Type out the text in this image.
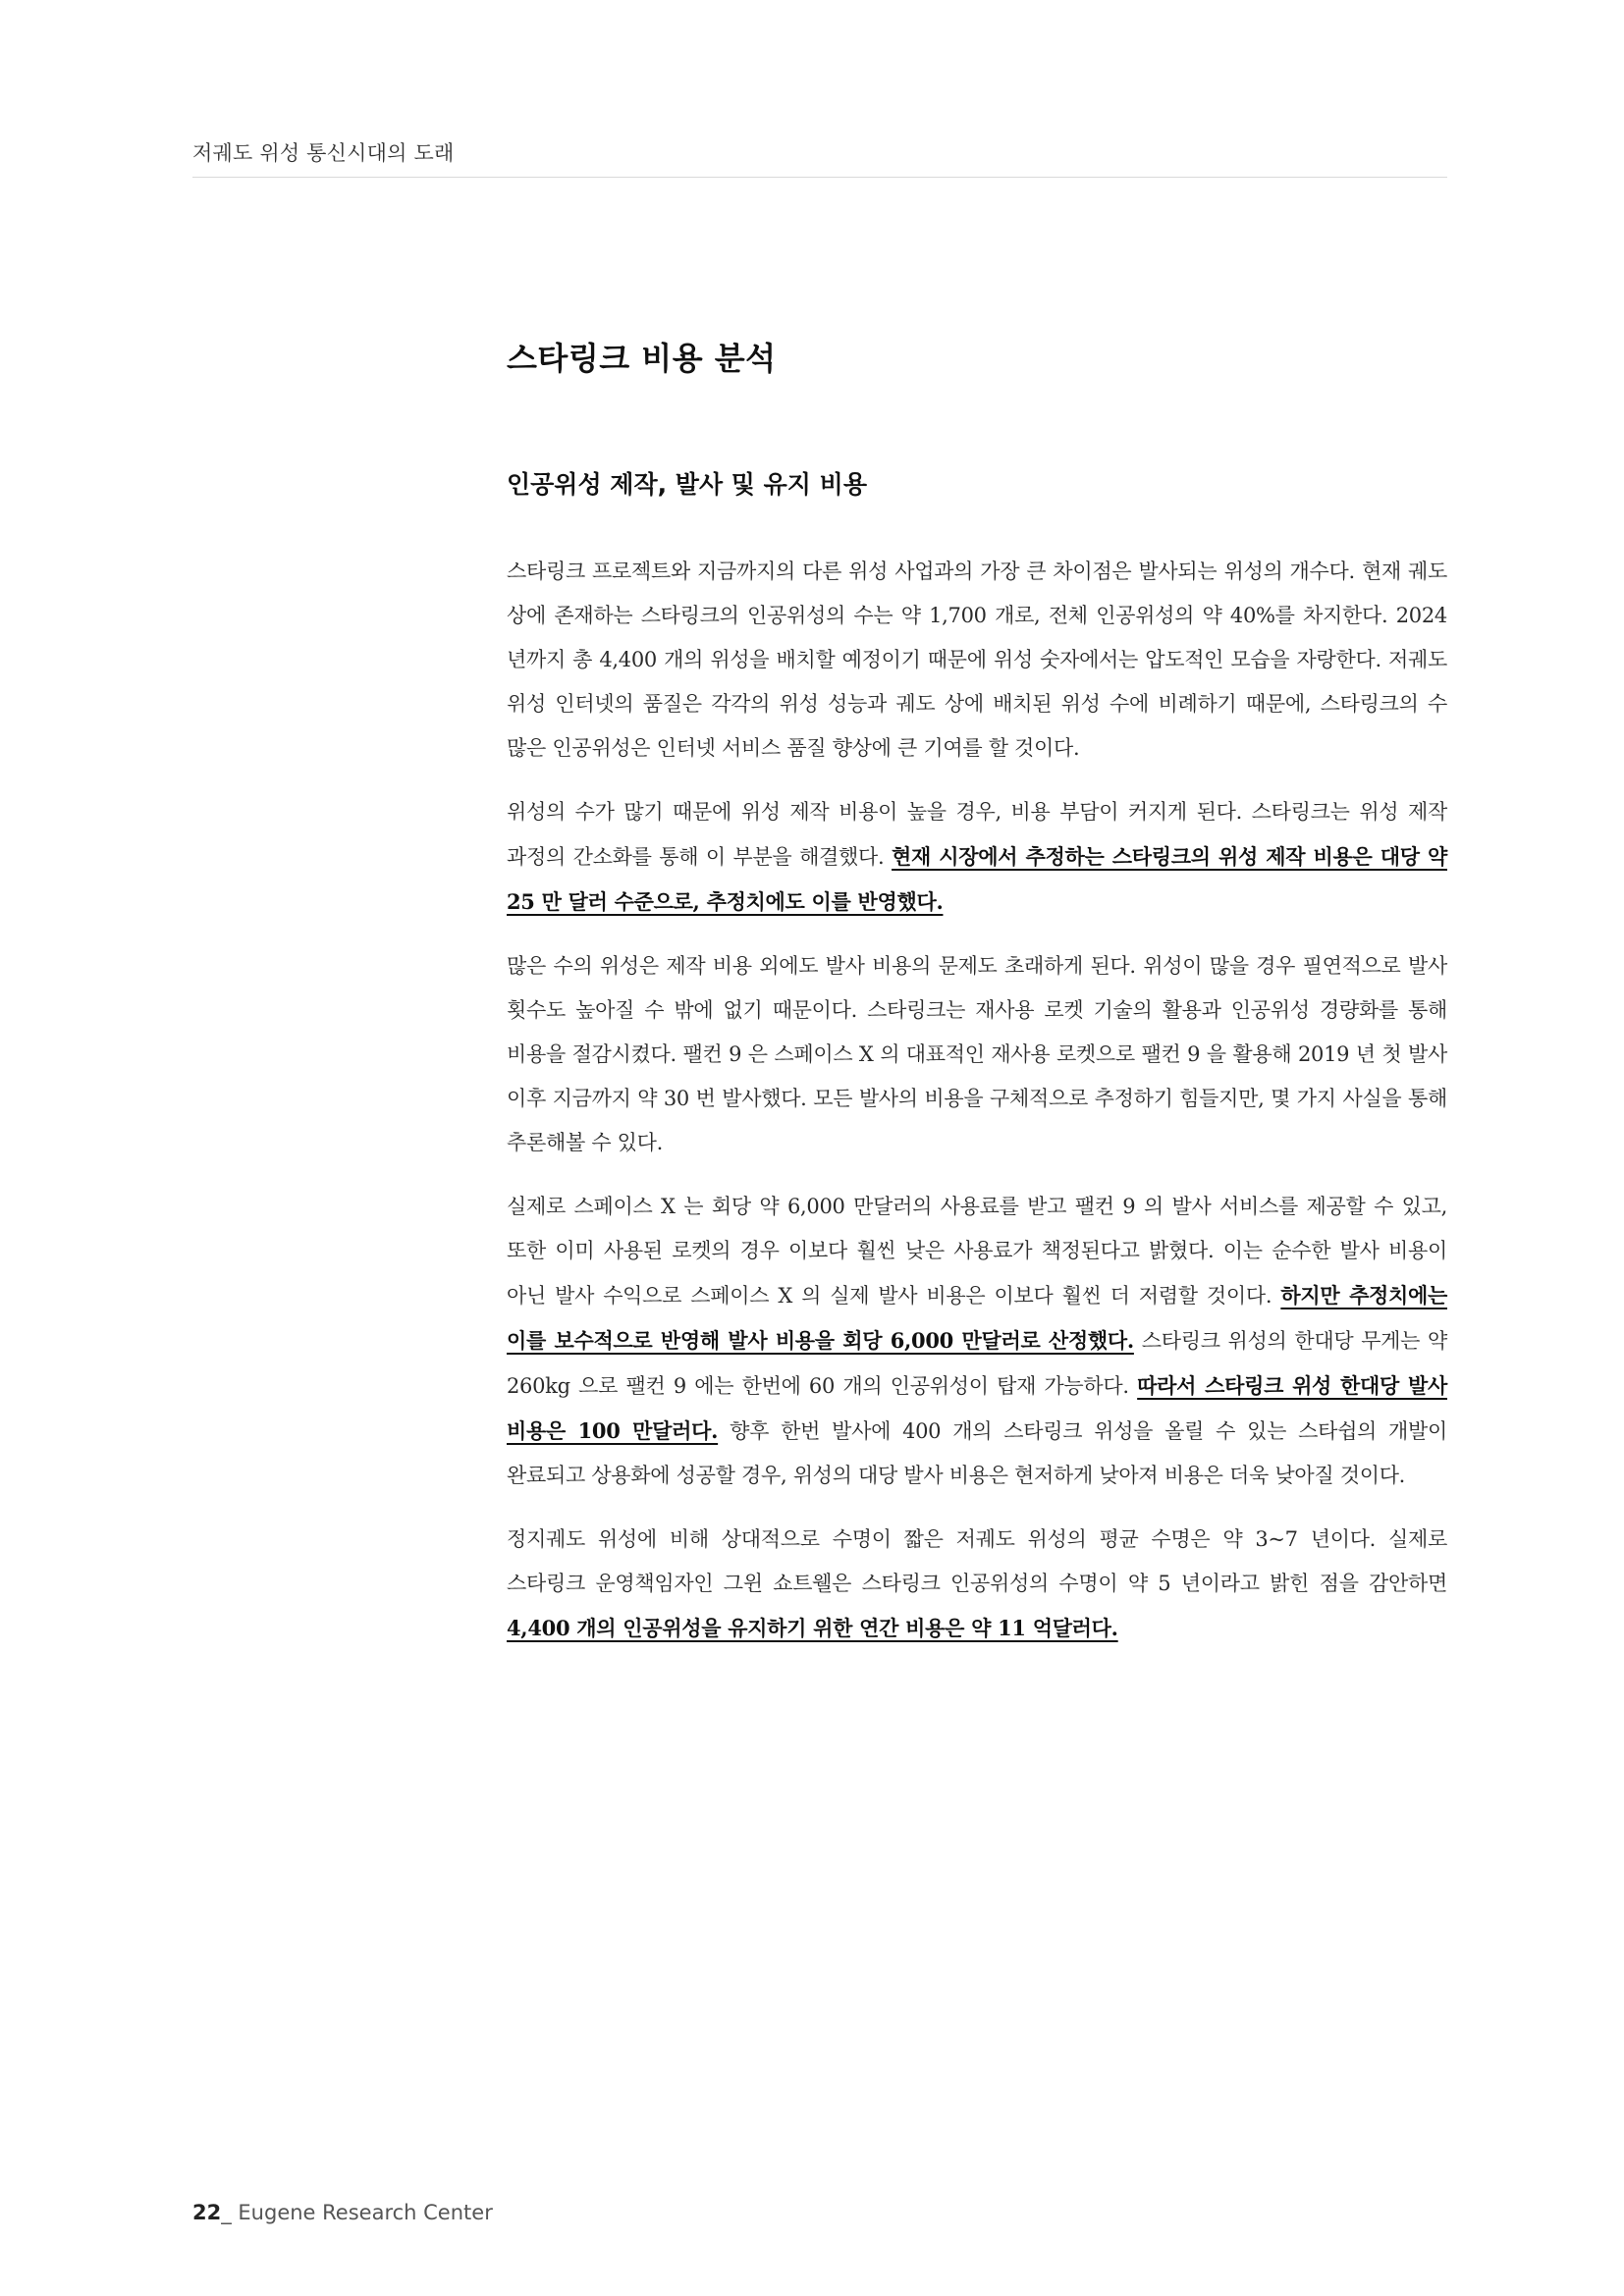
저궤도 위성 통신시대의 도래
스타링크 비용 분석
인공위성 제작, 발사 및 유지 비용

스타링크 프로젝트와 지금까지의 다른 위성 사업과의 가장 큰 차이점은 발사되는 위성의 개수다. 현재 궤도 상에 존재하는 스타링크의 인공위성의 수는 약 1,700 개로, 전체 인공위성의 약 40%를 차지한다. 2024 년까지 총 4,400 개의 위성을 배치할 예정이기 때문에 위성 숫자에서는 압도적인 모습을 자랑한다. 저궤도 위성 인터넷의 품질은 각각의 위성 성능과 궤도 상에 배치된 위성 수에 비례하기 때문에, 스타링크의 수 많은 인공위성은 인터넷 서비스 품질 향상에 큰 기여를 할 것이다.

위성의 수가 많기 때문에 위성 제작 비용이 높을 경우, 비용 부담이 커지게 된다. 스타링크는 위성 제작 과정의 간소화를 통해 이 부분을 해결했다. 현재 시장에서 추정하는 스타링크의 위성 제작 비용은 대당 약 25 만 달러 수준으로, 추정치에도 이를 반영했다.

많은 수의 위성은 제작 비용 외에도 발사 비용의 문제도 초래하게 된다. 위성이 많을 경우 필연적으로 발사 횟수도 높아질 수 밖에 없기 때문이다. 스타링크는 재사용 로켓 기술의 활용과 인공위성 경량화를 통해 비용을 절감시켰다. 팰컨 9 은 스페이스 X 의 대표적인 재사용 로켓으로 팰컨 9 을 활용해 2019 년 첫 발사 이후 지금까지 약 30 번 발사했다. 모든 발사의 비용을 구체적으로 추정하기 힘들지만, 몇 가지 사실을 통해 추론해볼 수 있다.

실제로 스페이스 X 는 회당 약 6,000 만달러의 사용료를 받고 팰컨 9 의 발사 서비스를 제공할 수 있고, 또한 이미 사용된 로켓의 경우 이보다 훨씬 낮은 사용료가 책정된다고 밝혔다. 이는 순수한 발사 비용이 아닌 발사 수익으로 스페이스 X 의 실제 발사 비용은 이보다 훨씬 더 저렴할 것이다. 하지만 추정치에는 이를 보수적으로 반영해 발사 비용을 회당 6,000 만달러로 산정했다. 스타링크 위성의 한대당 무게는 약 260kg 으로 팰컨 9 에는 한번에 60 개의 인공위성이 탑재 가능하다. 따라서 스타링크 위성 한대당 발사 비용은 100 만달러다. 향후 한번 발사에 400 개의 스타링크 위성을 올릴 수 있는 스타쉽의 개발이 완료되고 상용화에 성공할 경우, 위성의 대당 발사 비용은 현저하게 낮아져 비용은 더욱 낮아질 것이다.

정지궤도 위성에 비해 상대적으로 수명이 짧은 저궤도 위성의 평균 수명은 약 3~7 년이다. 실제로 스타링크 운영책임자인 그윈 쇼트웰은 스타링크 인공위성의 수명이 약 5 년이라고 밝힌 점을 감안하면 4,400 개의 인공위성을 유지하기 위한 연간 비용은 약 11 억달러다.

22_ Eugene Research Center
